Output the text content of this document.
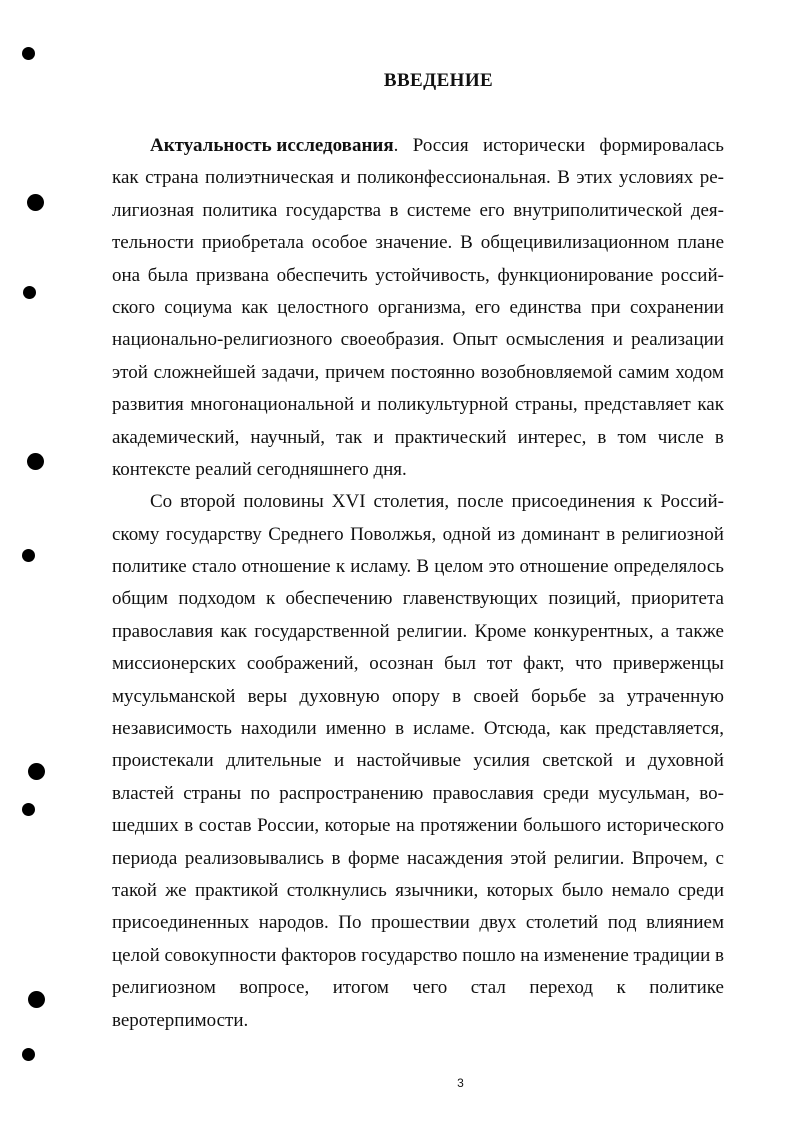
ВВЕДЕНИЕ
Актуальность исследования. Россия исторически формировалась
как страна полиэтническая и поликонфессиональная. В этих условиях ре-
лигиозная политика государства в системе его внутриполитической дея-
тельности приобретала особое значение. В общецивилизационном плане
она была призвана обеспечить устойчивость, функционирование россий-
ского социума как целостного организма, его единства при сохранении
национально-религиозного своеобразия. Опыт осмысления и реализации
этой сложнейшей задачи, причем постоянно возобновляемой самим ходом
развития многонациональной и поликультурной страны, представляет как
академический, научный, так и практический интерес, в том числе в
контексте
реалий
сегодняшнего
дня.

Со второй половины XVI столетия, после присоединения к Россий-
скому государству Среднего Поволжья, одной из доминант в религиозной
политике стало отношение к исламу. В целом это отношение определялось
общим подходом к обеспечению главенствующих позиций, приоритета
православия как государственной религии. Кроме конкурентных, а также
миссионерских соображений, осознан был тот факт, что приверженцы
мусульманской веры духовную опору в своей борьбе за утраченную
независимость находили именно в исламе. Отсюда, как представляется,
проистекали длительные и настойчивые усилия светской и духовной
властей страны по распространению православия среди мусульман, во-
шедших в состав России, которые на протяжении большого исторического
периода реализовывались в форме насаждения этой религии. Впрочем, с
такой же практикой столкнулись язычники, которых было немало среди
присоединенных народов. По прошествии двух столетий под влиянием
целой совокупности факторов государство пошло на изменение традиции в
религиозном вопросе, итогом чего стал переход к политике
веротерпимости.

3
